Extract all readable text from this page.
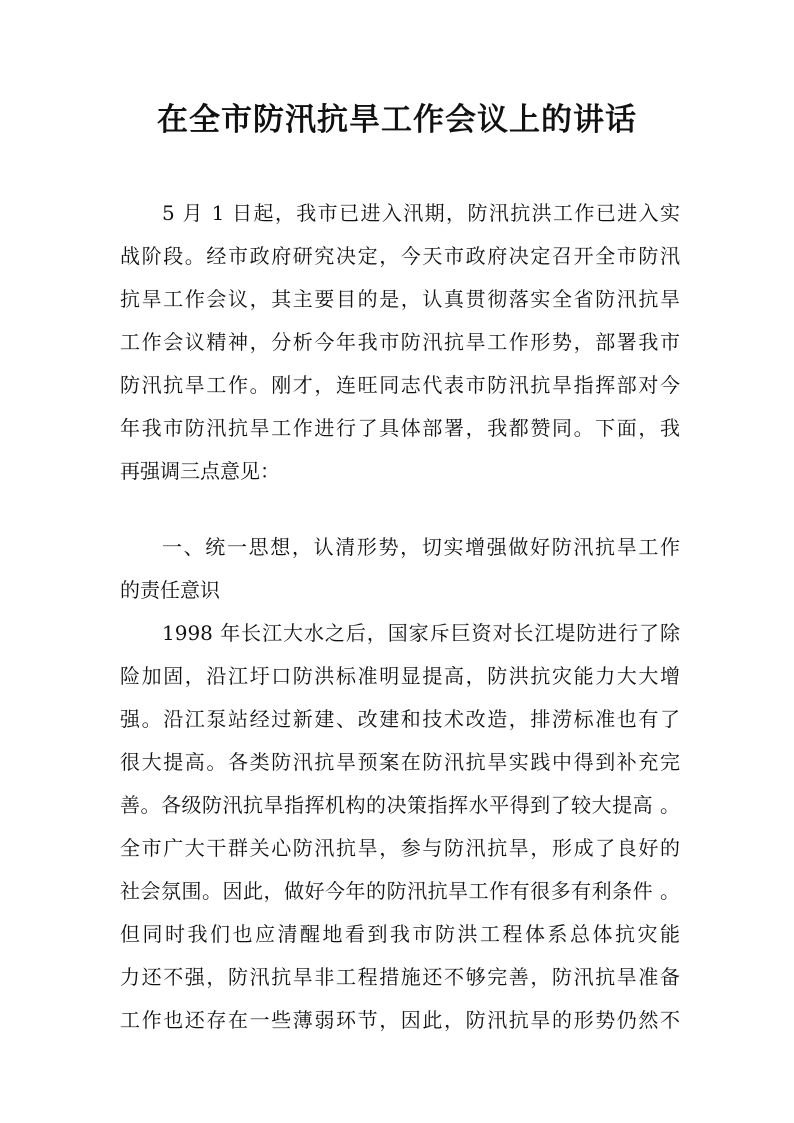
在全市防汛抗旱工作会议上的讲话
5 月 1 日起，我市已进入汛期，防汛抗洪工作已进入实
战阶段。经市政府研究决定，今天市政府决定召开全市防汛
抗旱工作会议，其主要目的是，认真贯彻落实全省防汛抗旱
工作会议精神，分析今年我市防汛抗旱工作形势，部署我市
防汛抗旱工作。刚才，连旺同志代表市防汛抗旱指挥部对今
年我市防汛抗旱工作进行了具体部署，我都赞同。下面，我
再强调三点意见：
一、统一思想，认清形势，切实增强做好防汛抗旱工作
的责任意识
1998 年长江大水之后，国家斥巨资对长江堤防进行了除
险加固，沿江圩口防洪标准明显提高，防洪抗灾能力大大增
强。沿江泵站经过新建、改建和技术改造，排涝标准也有了
很大提高。各类防汛抗旱预案在防汛抗旱实践中得到补充完
善。各级防汛抗旱指挥机构的决策指挥水平得到了较大提高 。
全市广大干群关心防汛抗旱，参与防汛抗旱，形成了良好的
社会氛围。因此，做好今年的防汛抗旱工作有很多有利条件 。
但同时我们也应清醒地看到我市防洪工程体系总体抗灾能
力还不强，防汛抗旱非工程措施还不够完善，防汛抗旱准备
工作也还存在一些薄弱环节，因此，防汛抗旱的形势仍然不
